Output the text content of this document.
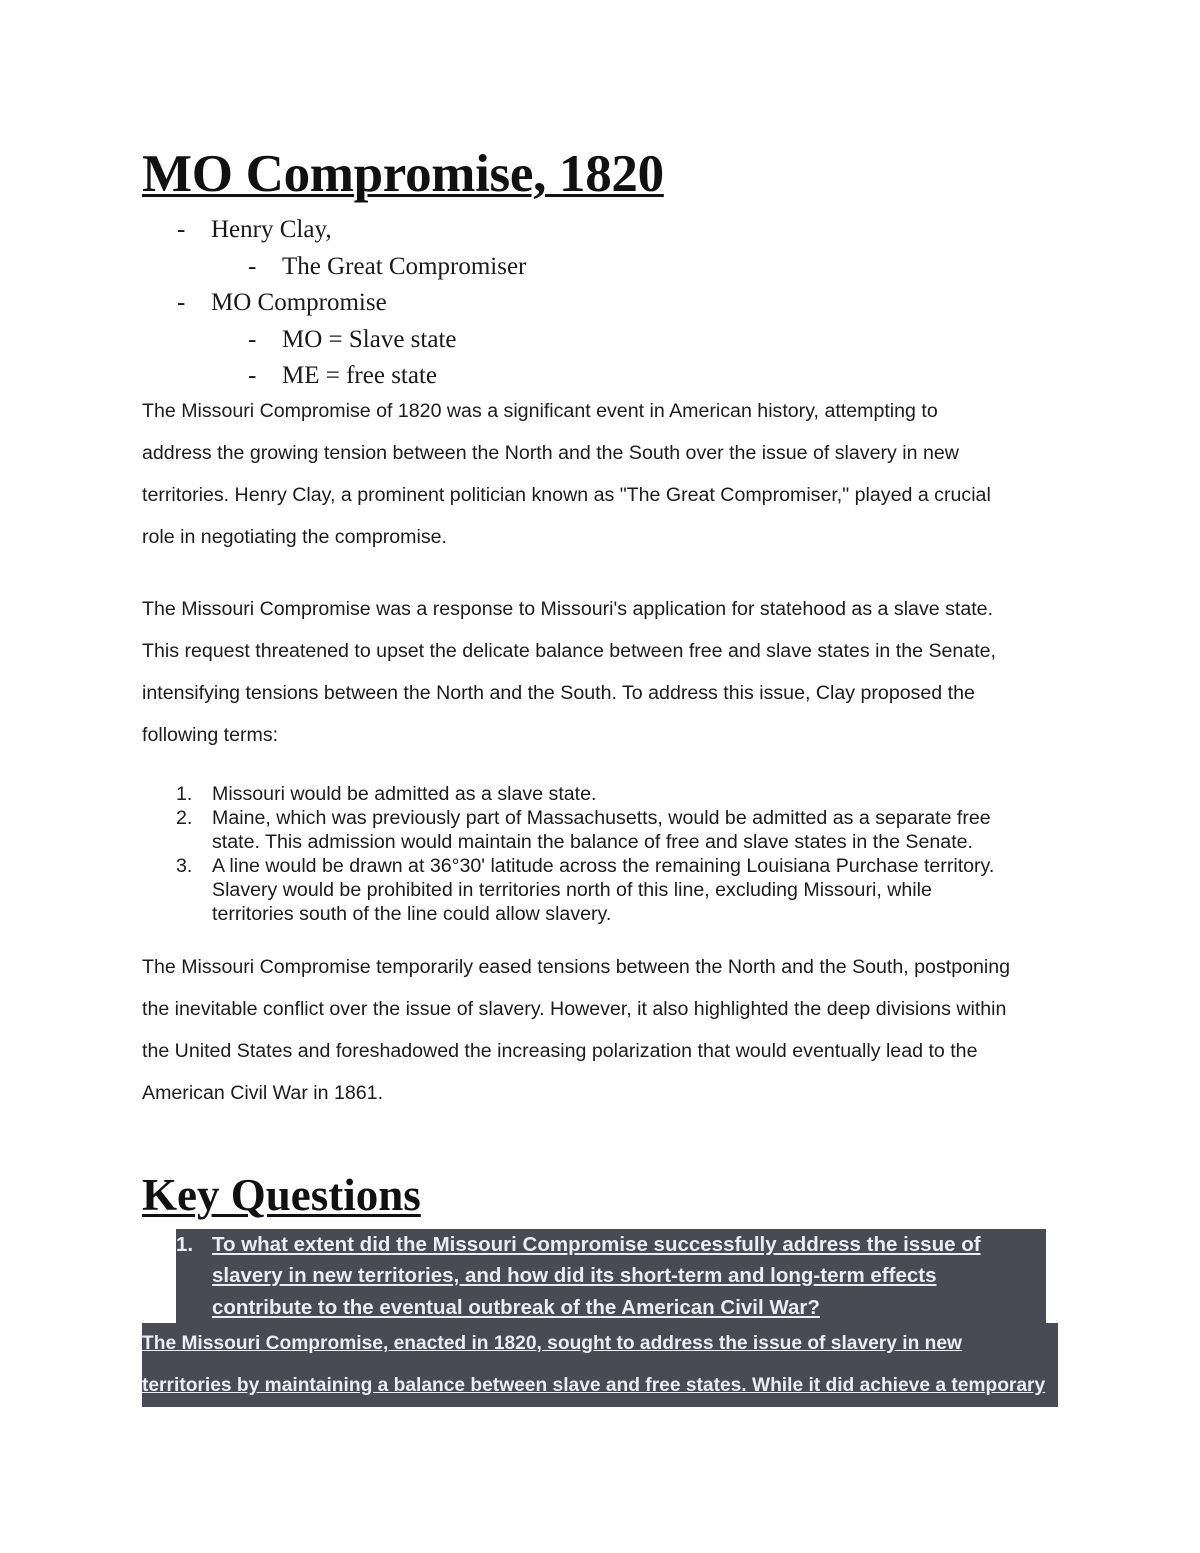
MO Compromise, 1820
- Henry Clay,
- The Great Compromiser
- MO Compromise
- MO = Slave state
- ME = free state
The Missouri Compromise of 1820 was a significant event in American history, attempting to
address the growing tension between the North and the South over the issue of slavery in new
territories. Henry Clay, a prominent politician known as "The Great Compromiser," played a crucial
role in negotiating the compromise.
The Missouri Compromise was a response to Missouri's application for statehood as a slave state.
This request threatened to upset the delicate balance between free and slave states in the Senate,
intensifying tensions between the North and the South. To address this issue, Clay proposed the
following terms:
1. Missouri would be admitted as a slave state.
2. Maine, which was previously part of Massachusetts, would be admitted as a separate free
state. This admission would maintain the balance of free and slave states in the Senate.
3. A line would be drawn at 36°30' latitude across the remaining Louisiana Purchase territory.
Slavery would be prohibited in territories north of this line, excluding Missouri, while
territories south of the line could allow slavery.
The Missouri Compromise temporarily eased tensions between the North and the South, postponing
the inevitable conflict over the issue of slavery. However, it also highlighted the deep divisions within
the United States and foreshadowed the increasing polarization that would eventually lead to the
American Civil War in 1861.
Key Questions
1. To what extent did the Missouri Compromise successfully address the issue of
slavery in new territories, and how did its short-term and long-term effects
contribute to the eventual outbreak of the American Civil War?
The Missouri Compromise, enacted in 1820, sought to address the issue of slavery in new
territories by maintaining a balance between slave and free states. While it did achieve a temporary
